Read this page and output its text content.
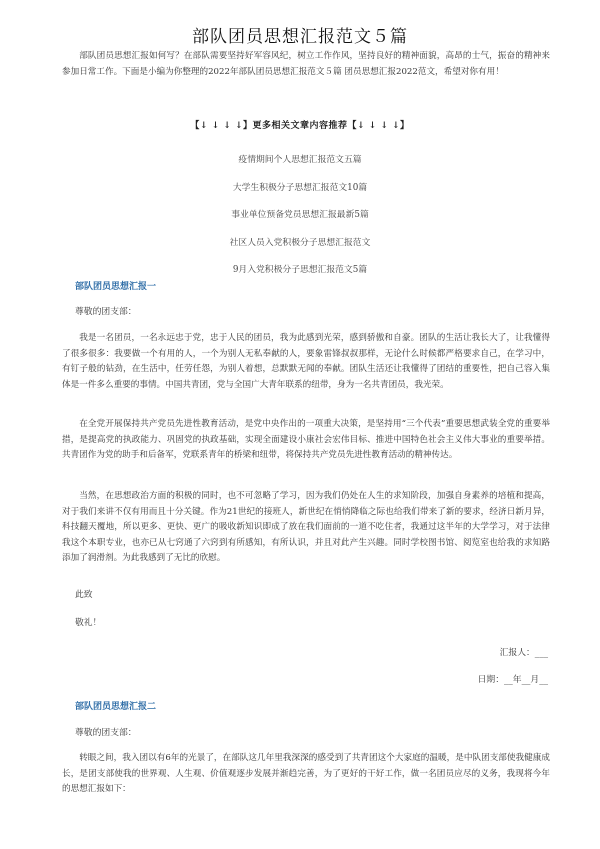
部队团员思想汇报范文５篇

部队团员思想汇报如何写？在部队需要坚持好军容风纪，树立工作作风，坚持良好的精神面貌，高昂的士气，振奋的精神来参加日常工作。下面是小编为你整理的2022年部队团员思想汇报范文５篇 团员思想汇报2022范文，希望对你有用！

【↓ ↓ ↓ ↓】更多相关文章内容推荐【↓ ↓ ↓ ↓】
疫情期间个人思想汇报范文五篇
大学生积极分子思想汇报范文10篇
事业单位预备党员思想汇报最新5篇
社区人员入党积极分子思想汇报范文
9月入党积极分子思想汇报范文5篇
部队团员思想汇报一
尊敬的团支部：

我是一名团员，一名永远忠于党，忠于人民的团员，我为此感到光荣，感到骄傲和自豪。团队的生活让我长大了，让我懂得了很多很多：我要做一个有用的人，一个为别人无私奉献的人，要象雷锋叔叔那样，无论什么时候都严格要求自己，在学习中，有钉子般的钻劲，在生活中，任劳任怨，为别人着想，总默默无闻的奉献。团队生活还让我懂得了团结的重要性，把自己容入集体是一件多么重要的事情。中国共青团，党与全国广大青年联系的纽带，身为一名共青团员，我光荣。

在全党开展保持共产党员先进性教育活动，是党中央作出的一项重大决策，是坚持用“三个代表”重要思想武装全党的重要举措，是提高党的执政能力、巩固党的执政基础，实现全面建设小康社会宏伟目标、推进中国特色社会主义伟大事业的重要举措。共青团作为党的助手和后备军，党联系青年的桥梁和纽带，将保持共产党员先进性教育活动的精神传达。

当然，在思想政治方面的积极的同时，也不可忽略了学习，因为我们仍处在人生的求知阶段，加强自身素养的培植和提高，对于我们来讲不仅有用而且十分关键。作为21世纪的接班人，新世纪在悄悄降临之际也给我们带来了新的要求，经济日新月异，科技翻天覆地，所以更多、更快、更广的吸收新知识即成了放在我们面前的一道不吃住者，我通过这半年的大学学习，对于法律我这个本职专业，也亦已从七窍通了六窍到有所感知，有所认识，并且对此产生兴趣。同时学校图书馆、阅览室也给我的求知路添加了润滑剂。为此我感到了无比的欣慰。

此致
敬礼！
汇报人：___
日期：__年__月__
部队团员思想汇报二
尊敬的团支部：

转眼之间，我入团以有6年的光景了，在部队这几年里我深深的感受到了共青团这个大家庭的温暖，是中队团支部使我健康成长，是团支部使我的世界观、人生观、价值观逐步发展并渐趋完善，为了更好的干好工作，做一名团员应尽的义务，我现将今年的思想汇报如下：
